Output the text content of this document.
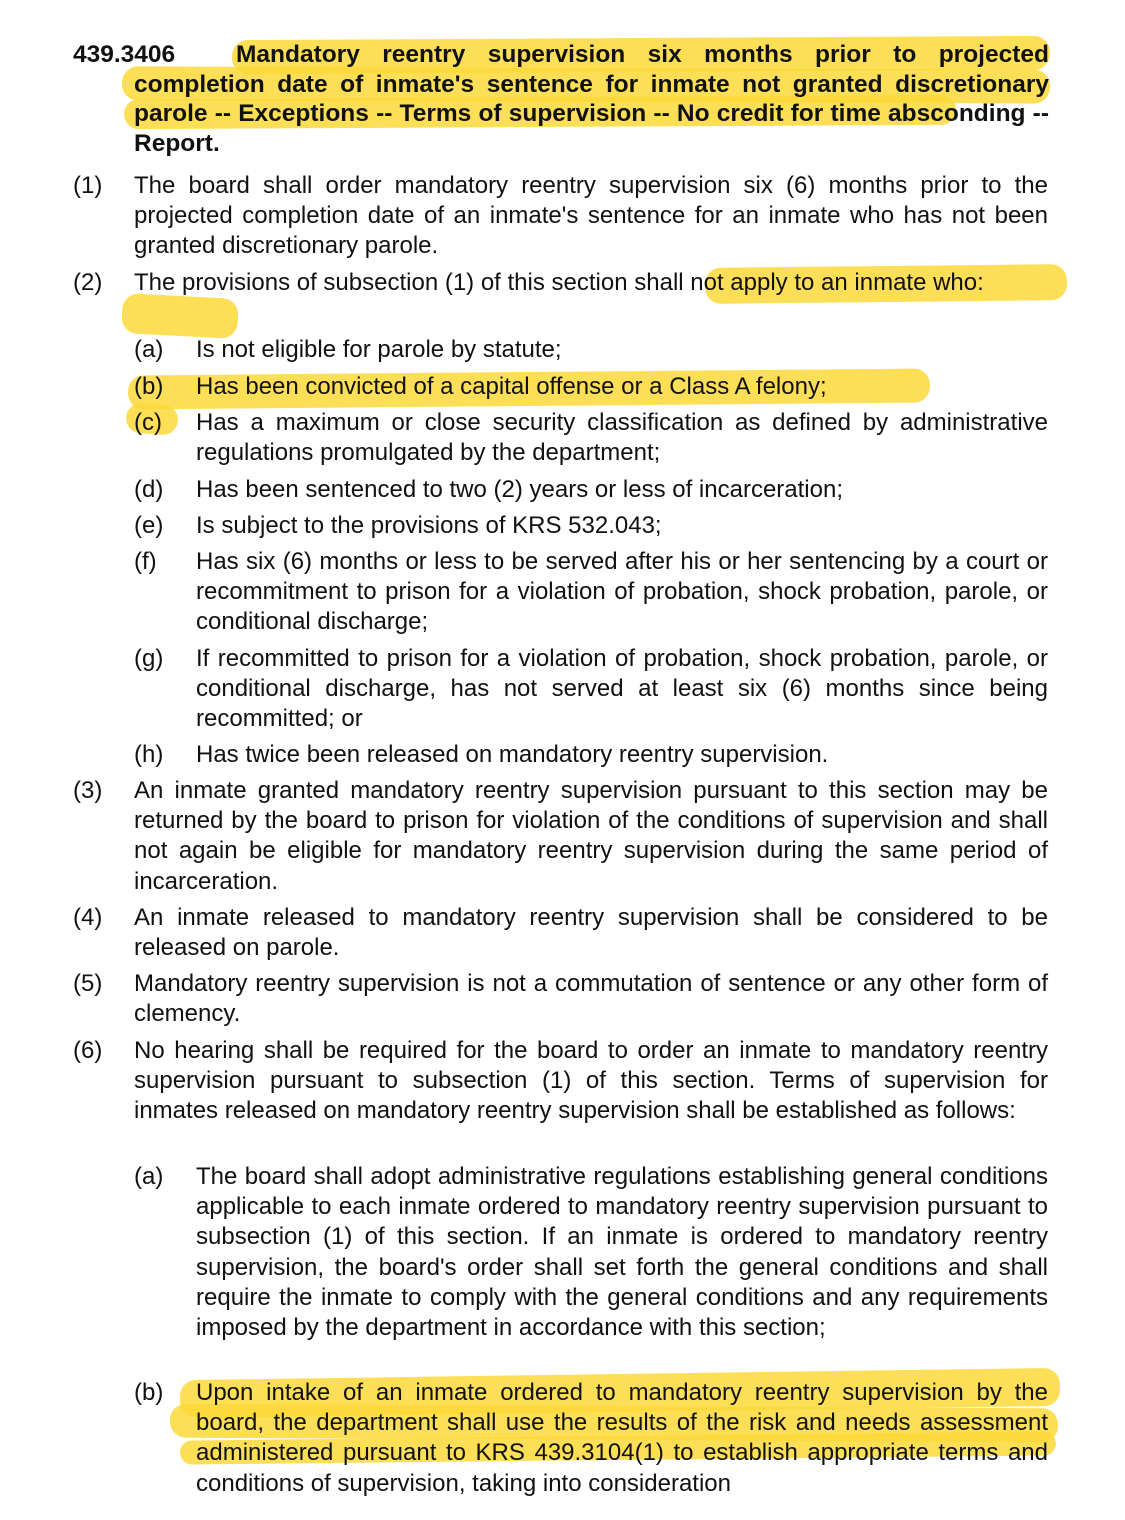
439.3406	Mandatory reentry supervision six months prior to projected completion date of inmate's sentence for inmate not granted discretionary parole -- Exceptions -- Terms of supervision -- No credit for time absconding -- Report.
(1) The board shall order mandatory reentry supervision six (6) months prior to the projected completion date of an inmate's sentence for an inmate who has not been granted discretionary parole.
(2) The provisions of subsection (1) of this section shall not apply to an inmate who:
(a) Is not eligible for parole by statute;
(b) Has been convicted of a capital offense or a Class A felony;
(c) Has a maximum or close security classification as defined by administrative regulations promulgated by the department;
(d) Has been sentenced to two (2) years or less of incarceration;
(e) Is subject to the provisions of KRS 532.043;
(f) Has six (6) months or less to be served after his or her sentencing by a court or recommitment to prison for a violation of probation, shock probation, parole, or conditional discharge;
(g) If recommitted to prison for a violation of probation, shock probation, parole, or conditional discharge, has not served at least six (6) months since being recommitted; or
(h) Has twice been released on mandatory reentry supervision.
(3) An inmate granted mandatory reentry supervision pursuant to this section may be returned by the board to prison for violation of the conditions of supervision and shall not again be eligible for mandatory reentry supervision during the same period of incarceration.
(4) An inmate released to mandatory reentry supervision shall be considered to be released on parole.
(5) Mandatory reentry supervision is not a commutation of sentence or any other form of clemency.
(6) No hearing shall be required for the board to order an inmate to mandatory reentry supervision pursuant to subsection (1) of this section. Terms of supervision for inmates released on mandatory reentry supervision shall be established as follows:
(a) The board shall adopt administrative regulations establishing general conditions applicable to each inmate ordered to mandatory reentry supervision pursuant to subsection (1) of this section. If an inmate is ordered to mandatory reentry supervision, the board's order shall set forth the general conditions and shall require the inmate to comply with the general conditions and any requirements imposed by the department in accordance with this section;
(b) Upon intake of an inmate ordered to mandatory reentry supervision by the board, the department shall use the results of the risk and needs assessment administered pursuant to KRS 439.3104(1) to establish appropriate terms and conditions of supervision, taking into consideration
